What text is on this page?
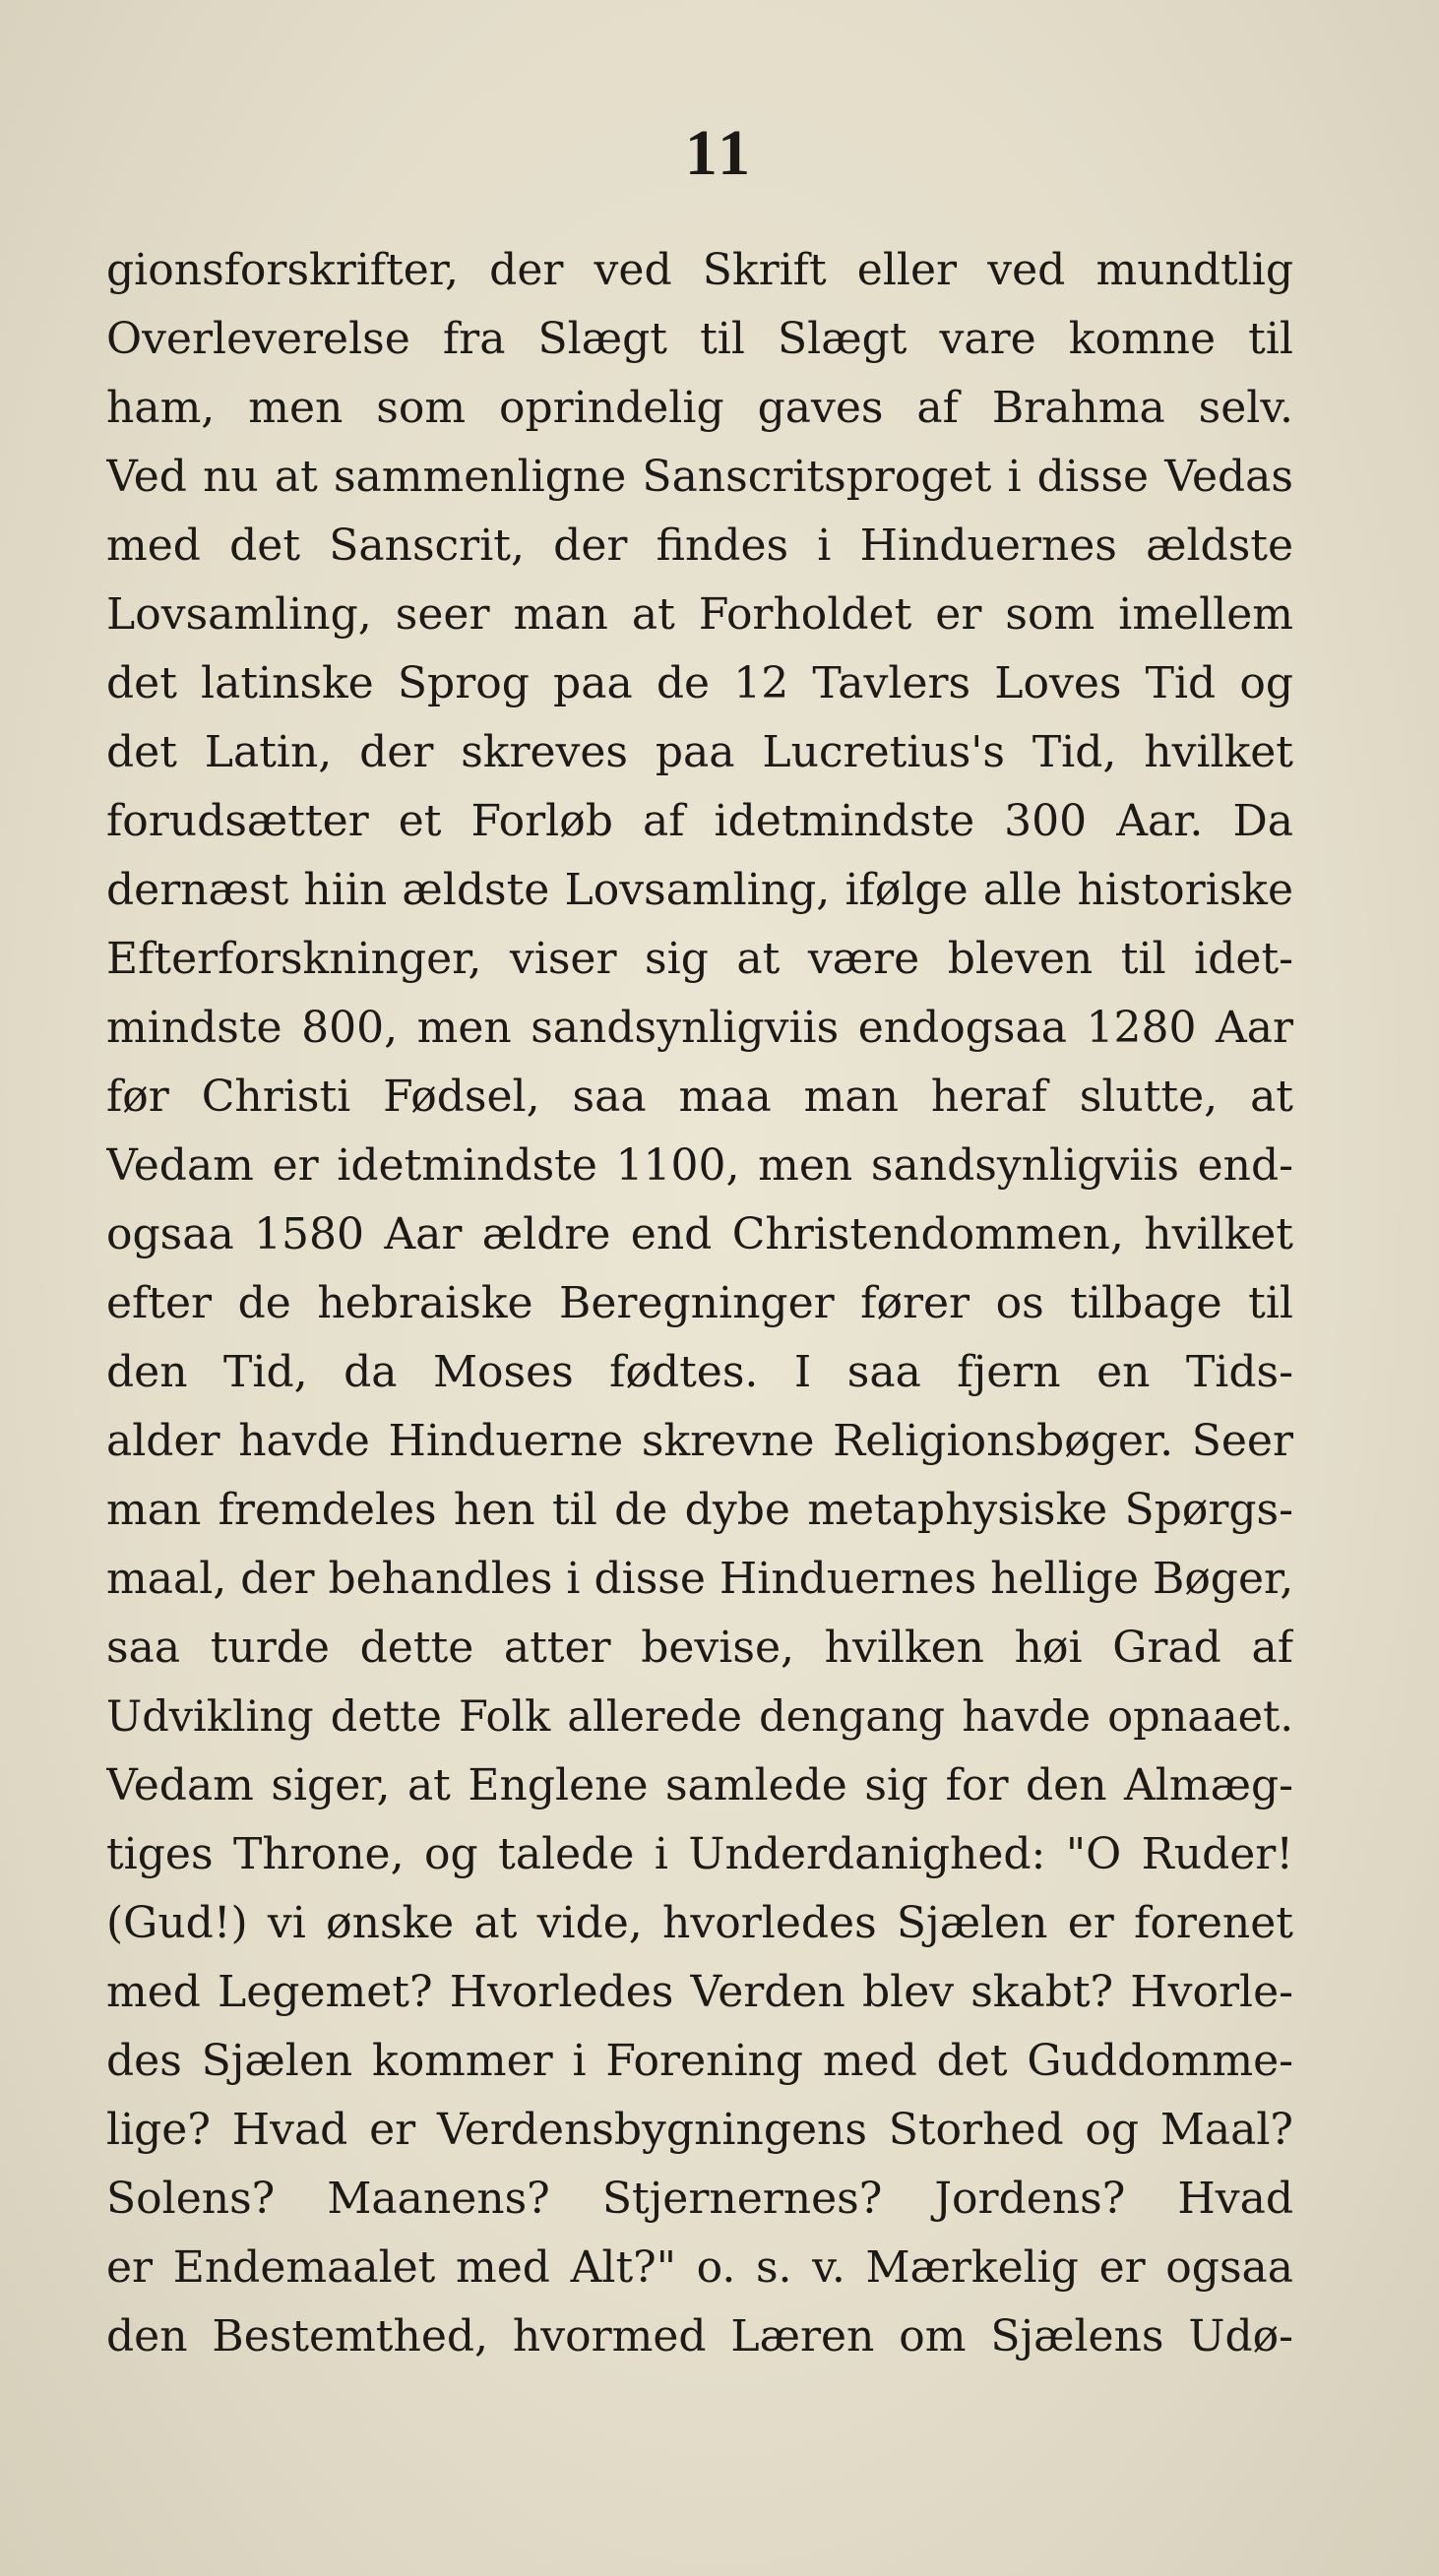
11
gionsforskrifter, der ved Skrift eller ved mundtlig
Overleverelse fra Slægt til Slægt vare komne til
ham, men som oprindelig gaves af Brahma selv.
Ved nu at sammenligne Sanscritsproget i disse Vedas
med det Sanscrit, der findes i Hinduernes ældste
Lovsamling, seer man at Forholdet er som imellem
det latinske Sprog paa de 12 Tavlers Loves Tid og
det Latin, der skreves paa Lucretius's Tid, hvilket
forudsætter et Forløb af idetmindste 300 Aar. Da
dernæst hiin ældste Lovsamling, ifølge alle historiske
Efterforskninger, viser sig at være bleven til idet-
mindste 800, men sandsynligviis endogsaa 1280 Aar
før Christi Fødsel, saa maa man heraf slutte, at
Vedam er idetmindste 1100, men sandsynligviis end-
ogsaa 1580 Aar ældre end Christendommen, hvilket
efter de hebraiske Beregninger fører os tilbage til
den Tid, da Moses fødtes. I saa fjern en Tids-
alder havde Hinduerne skrevne Religionsbøger. Seer
man fremdeles hen til de dybe metaphysiske Spørgs-
maal, der behandles i disse Hinduernes hellige Bøger,
saa turde dette atter bevise, hvilken høi Grad af
Udvikling dette Folk allerede dengang havde opnaaet.
Vedam siger, at Englene samlede sig for den Almæg-
tiges Throne, og talede i Underdanighed: "O Ruder!
(Gud!) vi ønske at vide, hvorledes Sjælen er forenet
med Legemet? Hvorledes Verden blev skabt? Hvorle-
des Sjælen kommer i Forening med det Guddomme-
lige? Hvad er Verdensbygningens Storhed og Maal?
Solens? Maanens? Stjernernes? Jordens? Hvad
er Endemaalet med Alt?" o. s. v. Mærkelig er ogsaa
den Bestemthed, hvormed Læren om Sjælens Udø-
